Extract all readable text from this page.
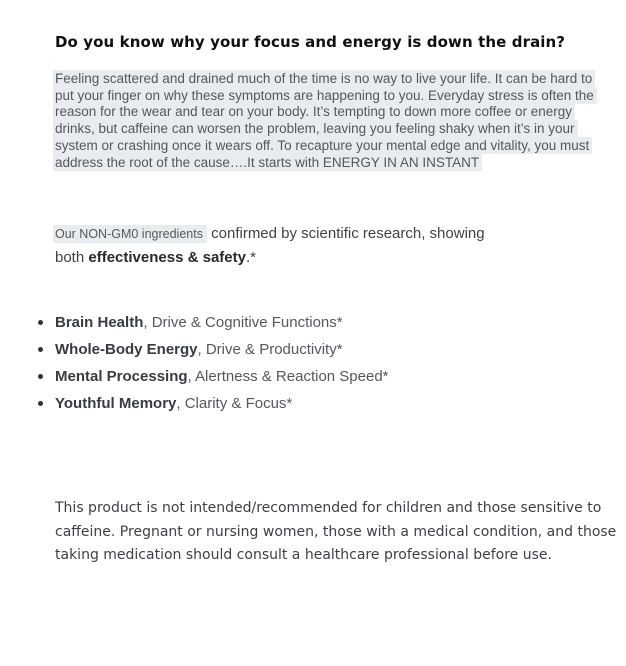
Do you know why your focus and energy is down the drain?
Feeling scattered and drained much of the time is no way to live your life. It can be hard to
put your finger on why these symptoms are happening to you. Everyday stress is often the
reason for the wear and tear on your body. It’s tempting to down more coffee or energy
drinks, but caffeine can worsen the problem, leaving you feeling shaky when it’s in your
system or crashing once it wears off. To recapture your mental edge and vitality, you must
address the root of the cause….It starts with ENERGY IN AN INSTANT
Our NON-GM0 ingredients confirmed by scientific research, showing
both effectiveness & safety.*
Brain Health, Drive & Cognitive Functions*
Whole-Body Energy, Drive & Productivity*
Mental Processing, Alertness & Reaction Speed*
Youthful Memory, Clarity & Focus*
This product is not intended/recommended for children and those sensitive to
caffeine. Pregnant or nursing women, those with a medical condition, and those
taking medication should consult a healthcare professional before use.
